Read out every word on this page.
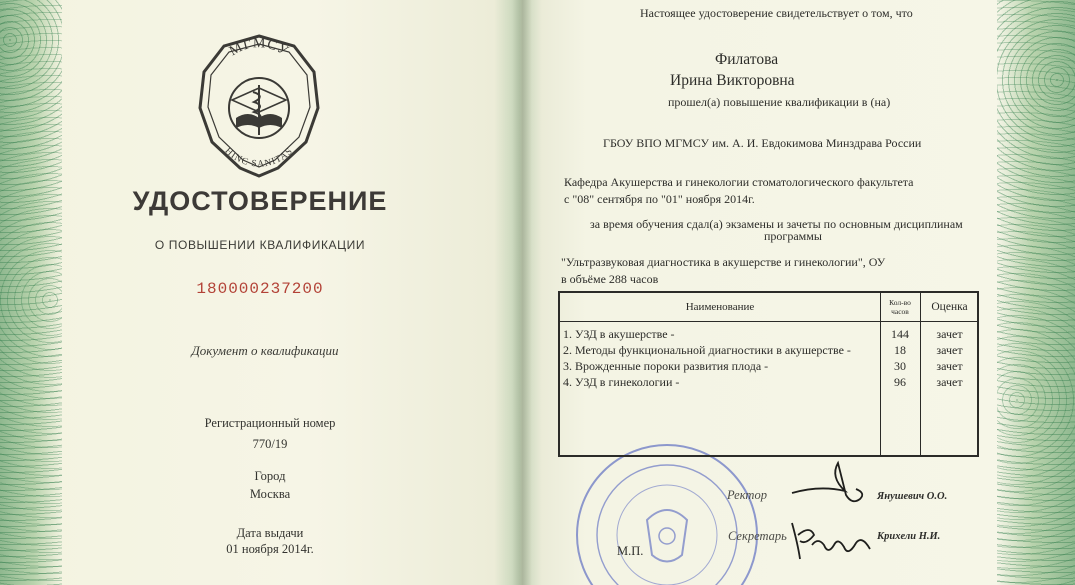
МГМСУ
HINC SANITAS
УДОСТОВЕРЕНИЕ
О ПОВЫШЕНИИ КВАЛИФИКАЦИИ
180000237200
Документ о квалификации
Регистрационный номер
770/19
Город
Москва
Дата выдачи
01 ноября 2014г.
Настоящее удостоверение свидетельствует о том, что
Филатова
Ирина Викторовна
прошел(а) повышение квалификации в (на)
ГБОУ ВПО МГМСУ им. А. И. Евдокимова Минздрава России
Кафедра Акушерства и гинекологии стоматологического факультета
с "08" сентября по "01" ноября 2014г.
за время обучения сдал(а) экзамены и зачеты по основным дисциплинам
программы
"Ультразвуковая диагностика в акушерстве и гинекологии", ОУ
в объёме 288 часов
Наименование	Кол-во часов	Оценка
1. УЗД в акушерстве -	144	зачет
2. Методы функциональной диагностики в акушерстве -	18	зачет
3. Врожденные пороки развития плода -	30	зачет
4. УЗД в гинекологии -	96	зачет
Ректор	Янушевич О.О.
Секретарь	Крихели Н.И.
М.П.
